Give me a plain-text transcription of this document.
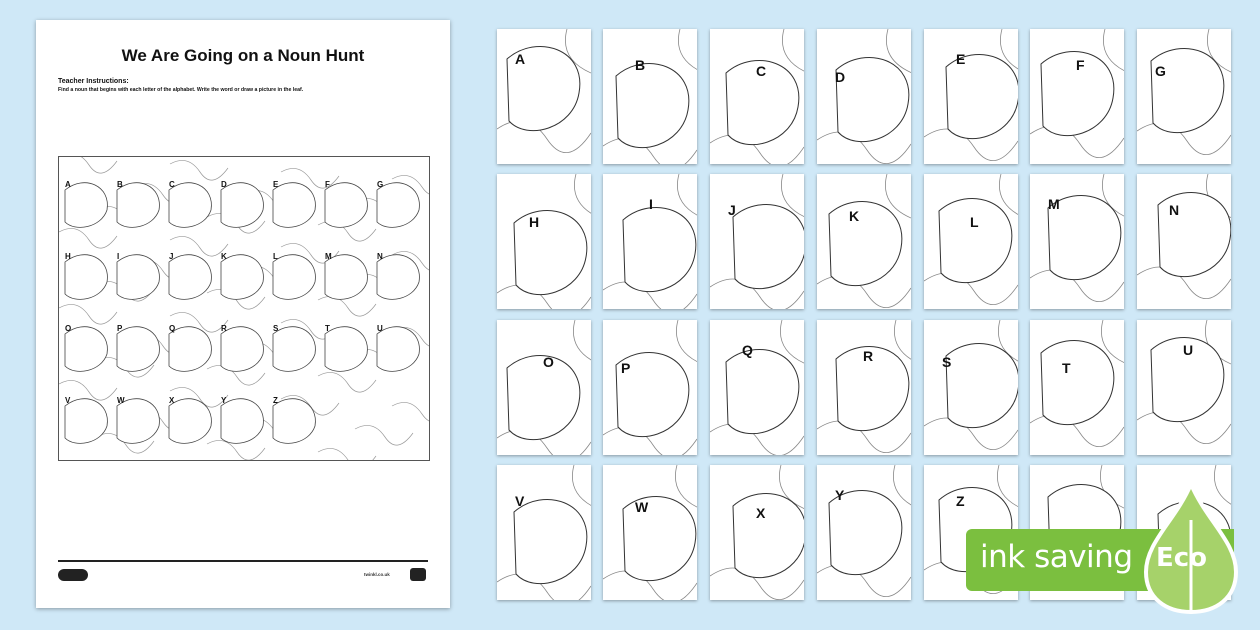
We Are Going on a Noun Hunt
Teacher Instructions:
Find a noun that begins with each letter of the alphabet. Write the word or draw a picture in the leaf.
A	B	C	D	E	F	G
H	I	J	K	L	M	N
O	P	Q	R	S	T	U
V	W	X	Y	Z
twinkl.co.uk
A	B	C	D
E	F	G
H
I	J	K	L
M	N
O	P
Q	R	S	T
U
V	W	X
Y	Z
ink saving Eco
